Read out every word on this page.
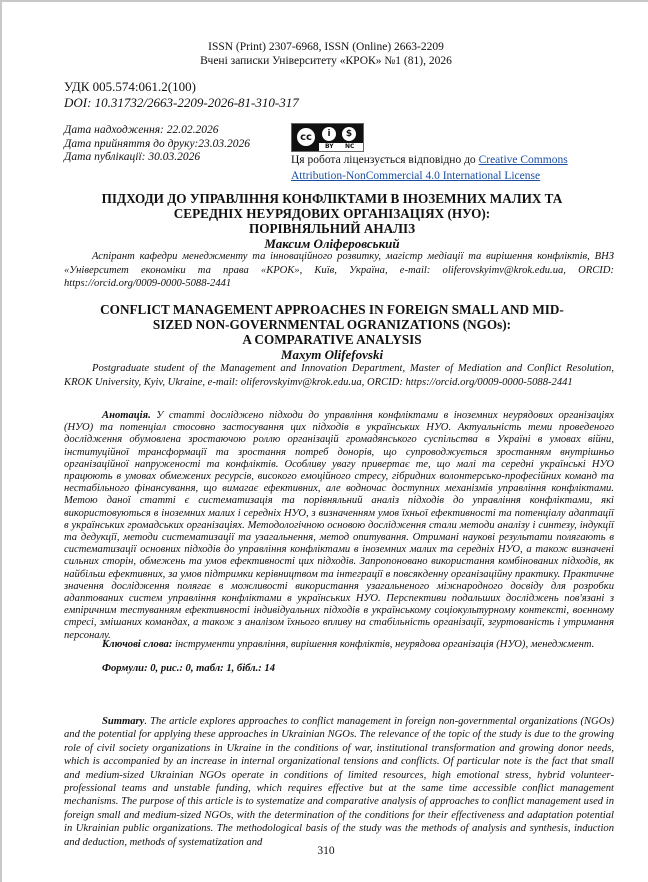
ISSN (Print) 2307-6968, ISSN (Online) 2663-2209
Вчені записки Університету «КРОК» №1 (81), 2026
УДК 005.574:061.2(100)
DOI: 10.31732/2663-2209-2026-81-310-317
Дата надходження: 22.02.2026
Дата прийняття до друку:23.03.2026
Дата публікації: 30.03.2026
cc	i	$
BY NC
Ця робота ліцензується відповідно до Creative Commons
Attribution-NonCommercial 4.0 International License
ПІДХОДИ ДО УПРАВЛІННЯ КОНФЛІКТАМИ В ІНОЗЕМНИХ МАЛИХ ТА
СЕРЕДНІХ НЕУРЯДОВИХ ОРГАНІЗАЦІЯХ (НУО):
ПОРІВНЯЛЬНИЙ АНАЛІЗ
Максим Оліферовський
Аспірант кафедри менеджменту та інноваційного розвитку, магістр медіації та вирішення конфліктів, ВНЗ «Університет економіки та права «КРОК», Київ, Україна, e-mail: oliferovskyimv@krok.edu.ua, ORCID: https://orcid.org/0009-0000-5088-2441
CONFLICT MANAGEMENT APPROACHES IN FOREIGN SMALL AND MID-
SIZED NON-GOVERNMENTAL OGRANIZATIONS (NGOs):
A COMPARATIVE ANALYSIS
Maxym Olifefovski
Postgraduate student of the Management and Innovation Department, Master of Mediation and Conflict Resolution, KROK University, Kyiv, Ukraine, e-mail: oliferovskyimv@krok.edu.ua, ORCID: https://orcid.org/0009-0000-5088-2441
Анотація. У статті досліджено підходи до управління конфліктами в іноземних неурядових організаціях (НУО) та потенціал стосовно застосування цих підходів в українських НУО. Актуальність теми проведеного дослідження обумовлена зростаючою роллю організацій громадянського суспільства в Україні в умовах війни, інституційної трансформації та зростання потреб донорів, що супроводжується зростанням внутрішньо організаційної напруженості та конфліктів. Особливу увагу привертає те, що малі та середні українські НУО працюють в умовах обмежених ресурсів, високого емоційного стресу, гібридних волонтерсько-професійних команд та нестабільного фінансування, що вимагає ефективних, але водночас доступних механізмів управління конфліктами. Метою даної статті є систематизація та порівняльний аналіз підходів до управління конфліктами, які використовуються в іноземних малих і середніх НУО, з визначенням умов їхньої ефективності та потенціалу адаптації в українських громадських організаціях. Методологічною основою дослідження стали методи аналізу і синтезу, індукції та дедукції, методи систематизації та узагальнення, метод опитування. Отримані наукові результати полягають в систематизації основних підходів до управління конфліктами в іноземних малих та середніх НУО, а також визначені сильних сторін, обмежень та умов ефективності цих підходів. Запропоновано використання комбінованих підходів, як найбільш ефективних, за умов підтримки керівництвом та інтеграції в повсякденну організаційну практику. Практичне значення дослідження полягає в можливості використання узагальненого міжнародного досвіду для розробки адаптованих систем управління конфліктами в українських НУО. Перспективи подальших досліджень пов'язані з емпіричним тестуванням ефективності індивідуальних підходів в українському соціокультурному контексті, воєнному стресі, змішаних командах, а також з аналізом їхнього впливу на стабільність організації, згуртованість і утримання персоналу.
Ключові слова: інструменти управління, вирішення конфліктів, неурядова організація (НУО), менеджмент.
Формули: 0, рис.: 0, табл: 1, бібл.: 14
Summary. The article explores approaches to conflict management in foreign non-governmental organizations (NGOs) and the potential for applying these approaches in Ukrainian NGOs. The relevance of the topic of the study is due to the growing role of civil society organizations in Ukraine in the conditions of war, institutional transformation and growing donor needs, which is accompanied by an increase in internal organizational tensions and conflicts. Of particular note is the fact that small and medium-sized Ukrainian NGOs operate in conditions of limited resources, high emotional stress, hybrid volunteer-professional teams and unstable funding, which requires effective but at the same time accessible conflict management mechanisms. The purpose of this article is to systematize and comparative analysis of approaches to conflict management used in foreign small and medium-sized NGOs, with the determination of the conditions for their effectiveness and adaptation potential in Ukrainian public organizations. The methodological basis of the study was the methods of analysis and synthesis, induction and deduction, methods of systematization and
310
